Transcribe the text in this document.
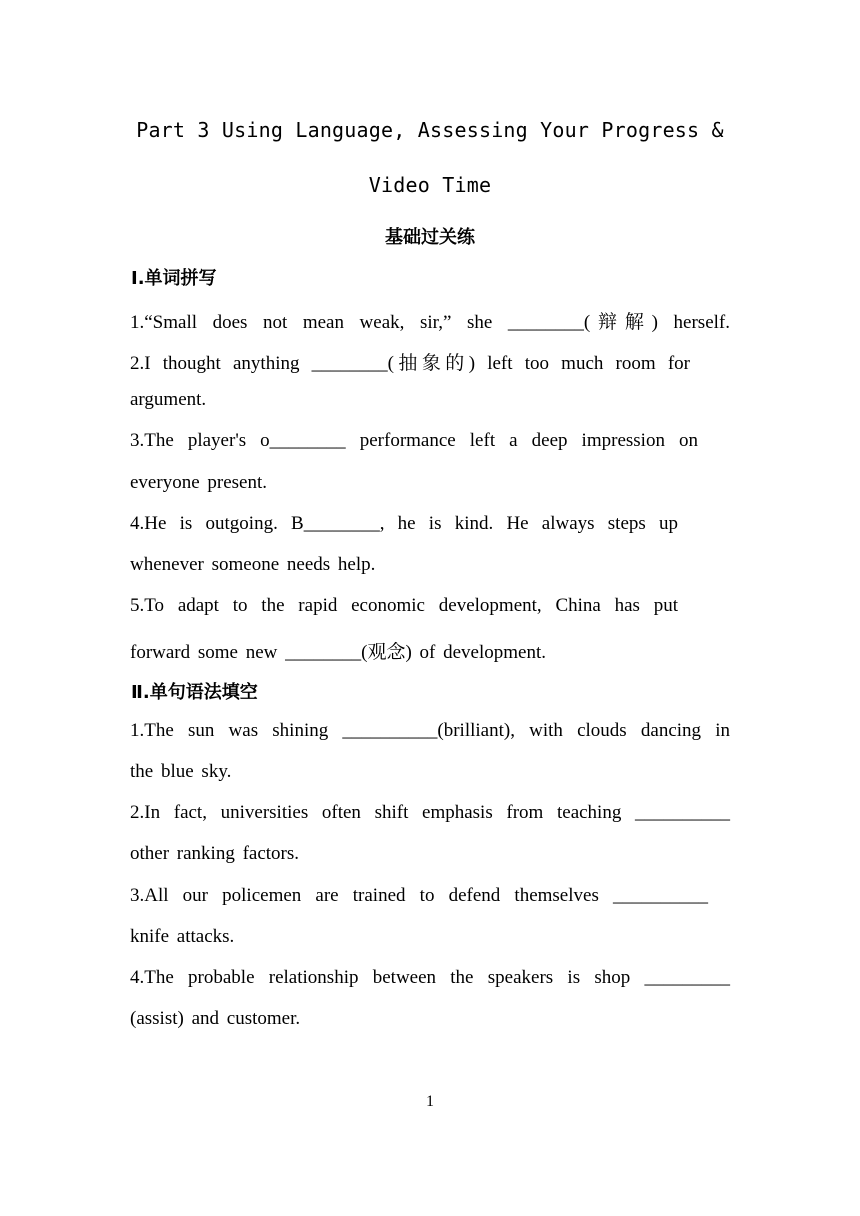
Part 3 Using Language, Assessing Your Progress &
Video Time
基础过关练
Ⅰ.单词拼写
1.“Small does not mean weak, sir,” she ________(辩解) herself.
2.I thought anything ________(抽象的) left too much room for
argument.
3.The player's o________ performance left a deep impression on
everyone present.
4.He is outgoing. B________, he is kind. He always steps up
whenever someone needs help.
5.To adapt to the rapid economic development, China has put
forward some new ________(观念) of development.
Ⅱ.单句语法填空
1.The sun was shining __________(brilliant), with clouds dancing in
the blue sky.
2.In fact, universities often shift emphasis from teaching __________
other ranking factors.
3.All our policemen are trained to defend themselves __________
knife attacks.
4.The probable relationship between the speakers is shop _________
(assist) and customer.
1
